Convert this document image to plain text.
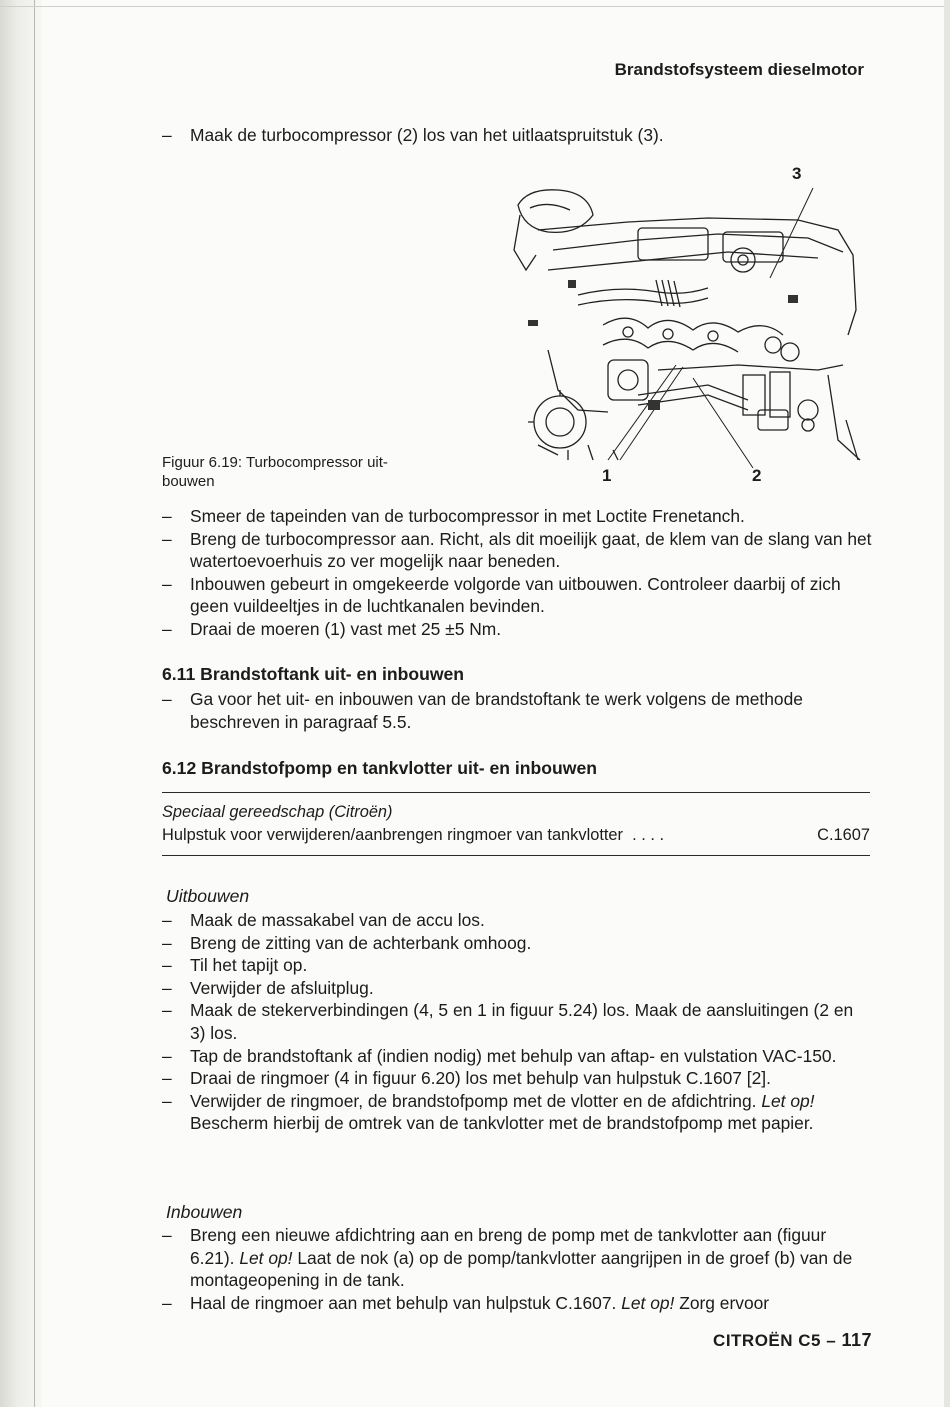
Brandstofsysteem dieselmotor
– Maak de turbocompressor (2) los van het uitlaatspruitstuk (3).
3
1	2
Figuur 6.19: Turbocompressor uit-
bouwen
– Smeer de tapeinden van de turbocompressor in met Loctite Frenetanch.
– Breng de turbocompressor aan. Richt, als dit moeilijk gaat, de klem van de slang van het watertoevoerhuis zo ver mogelijk naar beneden.
– Inbouwen gebeurt in omgekeerde volgorde van uitbouwen. Controleer daarbij of zich geen vuildeeltjes in de luchtkanalen bevinden.
– Draai de moeren (1) vast met 25 ±5 Nm.
6.11 Brandstoftank uit- en inbouwen
– Ga voor het uit- en inbouwen van de brandstoftank te werk volgens de methode beschreven in paragraaf 5.5.
6.12 Brandstofpomp en tankvlotter uit- en inbouwen
Speciaal gereedschap (Citroën)
Hulpstuk voor verwijderen/aanbrengen ringmoer van tankvlotter . . . .	C.1607
Uitbouwen
– Maak de massakabel van de accu los.
– Breng de zitting van de achterbank omhoog.
– Til het tapijt op.
– Verwijder de afsluitplug.
– Maak de stekerverbindingen (4, 5 en 1 in figuur 5.24) los. Maak de aansluitingen (2 en 3) los.
– Tap de brandstoftank af (indien nodig) met behulp van aftap- en vulstation VAC-150.
– Draai de ringmoer (4 in figuur 6.20) los met behulp van hulpstuk C.1607 [2].
– Verwijder de ringmoer, de brandstofpomp met de vlotter en de afdichtring. Let op! Bescherm hierbij de omtrek van de tankvlotter met de brandstofpomp met papier.
Inbouwen
– Breng een nieuwe afdichtring aan en breng de pomp met de tankvlotter aan (figuur 6.21). Let op! Laat de nok (a) op de pomp/tankvlotter aangrijpen in de groef (b) van de montageopening in de tank.
– Haal de ringmoer aan met behulp van hulpstuk C.1607. Let op! Zorg ervoor
CITROËN C5 – 117
